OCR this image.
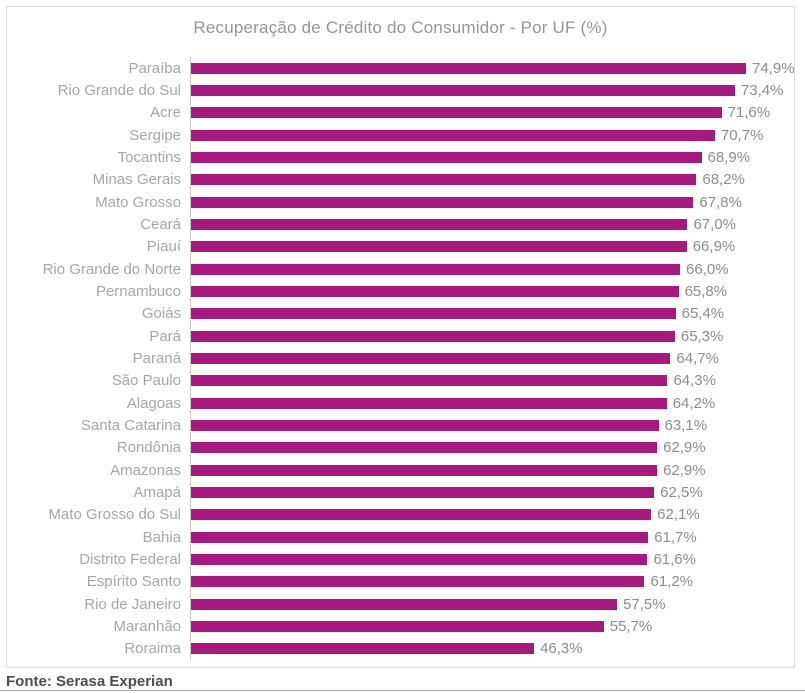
Recuperação de Crédito do Consumidor - Por UF (%)
Paraíba	74,9%
Rio Grande do Sul	73,4%
Acre	71,6%
Sergipe	70,7%
Tocantins	68,9%
Minas Gerais	68,2%
Mato Grosso	67,8%
Ceará	67,0%
Piauí	66,9%
Rio Grande do Norte	66,0%
Pernambuco	65,8%
Goiás	65,4%
Pará	65,3%
Paraná	64,7%
São Paulo	64,3%
Alagoas	64,2%
Santa Catarina	63,1%
Rondônia	62,9%
Amazonas	62,9%
Amapá	62,5%
Mato Grosso do Sul	62,1%
Bahia	61,7%
Distrito Federal	61,6%
Espírito Santo	61,2%
Rio de Janeiro	57,5%
Maranhão	55,7%
Roraima	46,3%
Fonte: Serasa Experian
